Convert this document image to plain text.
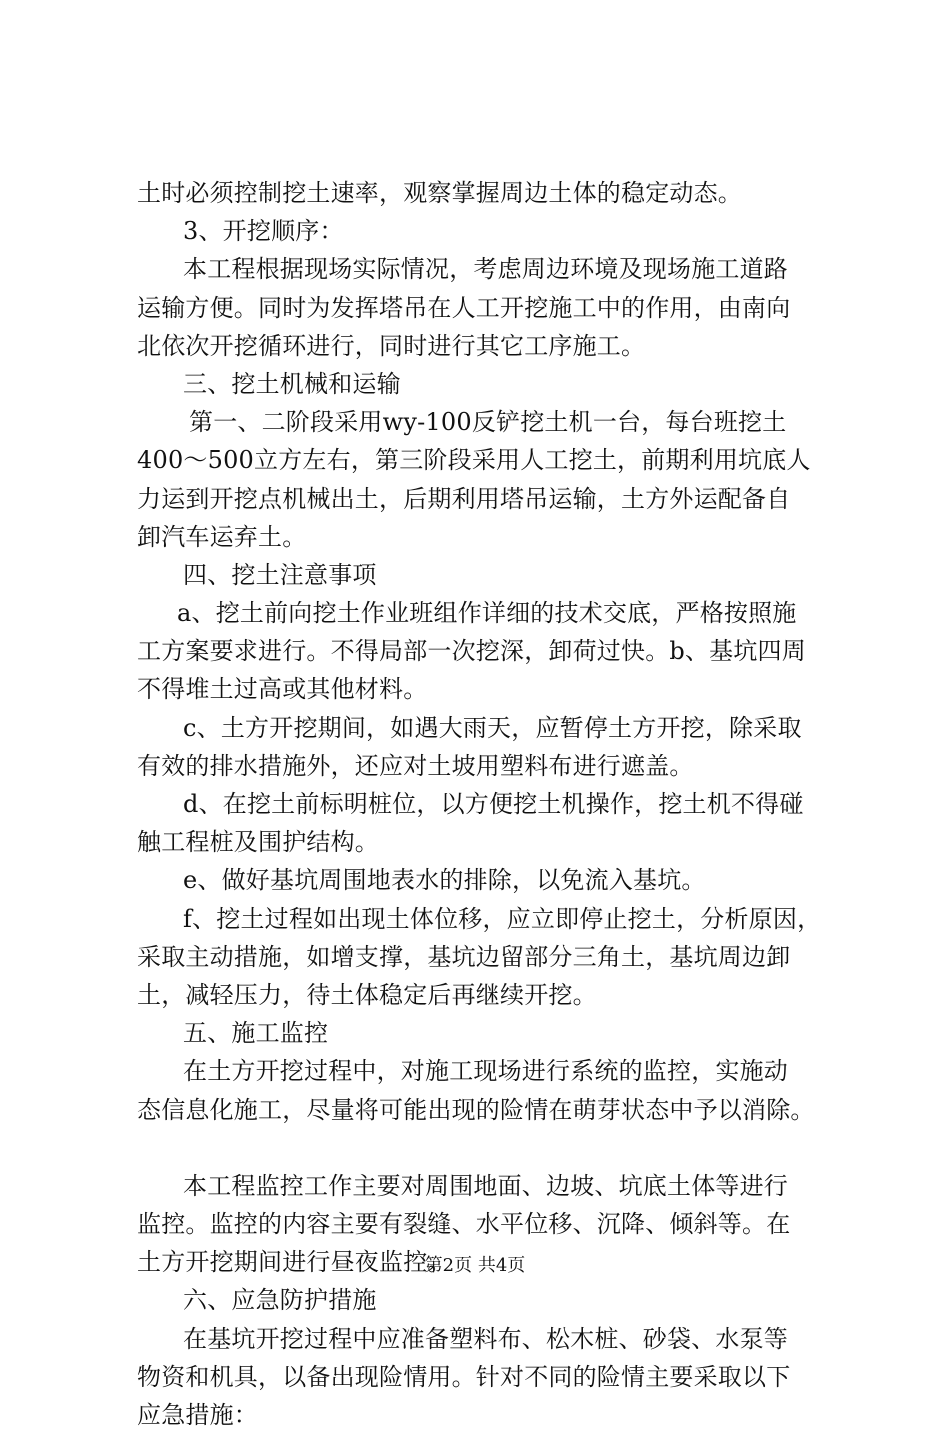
土时必须控制挖土速率，观察掌握周边土体的稳定动态。
3、开挖顺序：
本工程根据现场实际情况，考虑周边环境及现场施工道路
运输方便。同时为发挥塔吊在人工开挖施工中的作用，由南向
北依次开挖循环进行，同时进行其它工序施工。
三、挖土机械和运输
第一、二阶段采用wy-100反铲挖土机一台，每台班挖土
400～500立方左右，第三阶段采用人工挖土，前期利用坑底人
力运到开挖点机械出土，后期利用塔吊运输，土方外运配备自
卸汽车运弃土。
四、挖土注意事项
a、挖土前向挖土作业班组作详细的技术交底，严格按照施
工方案要求进行。不得局部一次挖深，卸荷过快。b、基坑四周
不得堆土过高或其他材料。
c、土方开挖期间，如遇大雨天，应暂停土方开挖，除采取
有效的排水措施外，还应对土坡用塑料布进行遮盖。
d、在挖土前标明桩位，以方便挖土机操作，挖土机不得碰
触工程桩及围护结构。
e、做好基坑周围地表水的排除，以免流入基坑。
f、挖土过程如出现土体位移，应立即停止挖土，分析原因，
采取主动措施，如增支撑，基坑边留部分三角土，基坑周边卸
土，减轻压力，待土体稳定后再继续开挖。
五、施工监控
在土方开挖过程中，对施工现场进行系统的监控，实施动
态信息化施工，尽量将可能出现的险情在萌芽状态中予以消除。
本工程监控工作主要对周围地面、边坡、坑底土体等进行
监控。监控的内容主要有裂缝、水平位移、沉降、倾斜等。在
土方开挖期间进行昼夜监控。
六、应急防护措施
在基坑开挖过程中应准备塑料布、松木桩、砂袋、水泵等
物资和机具，以备出现险情用。针对不同的险情主要采取以下
应急措施：
第2页 共4页
